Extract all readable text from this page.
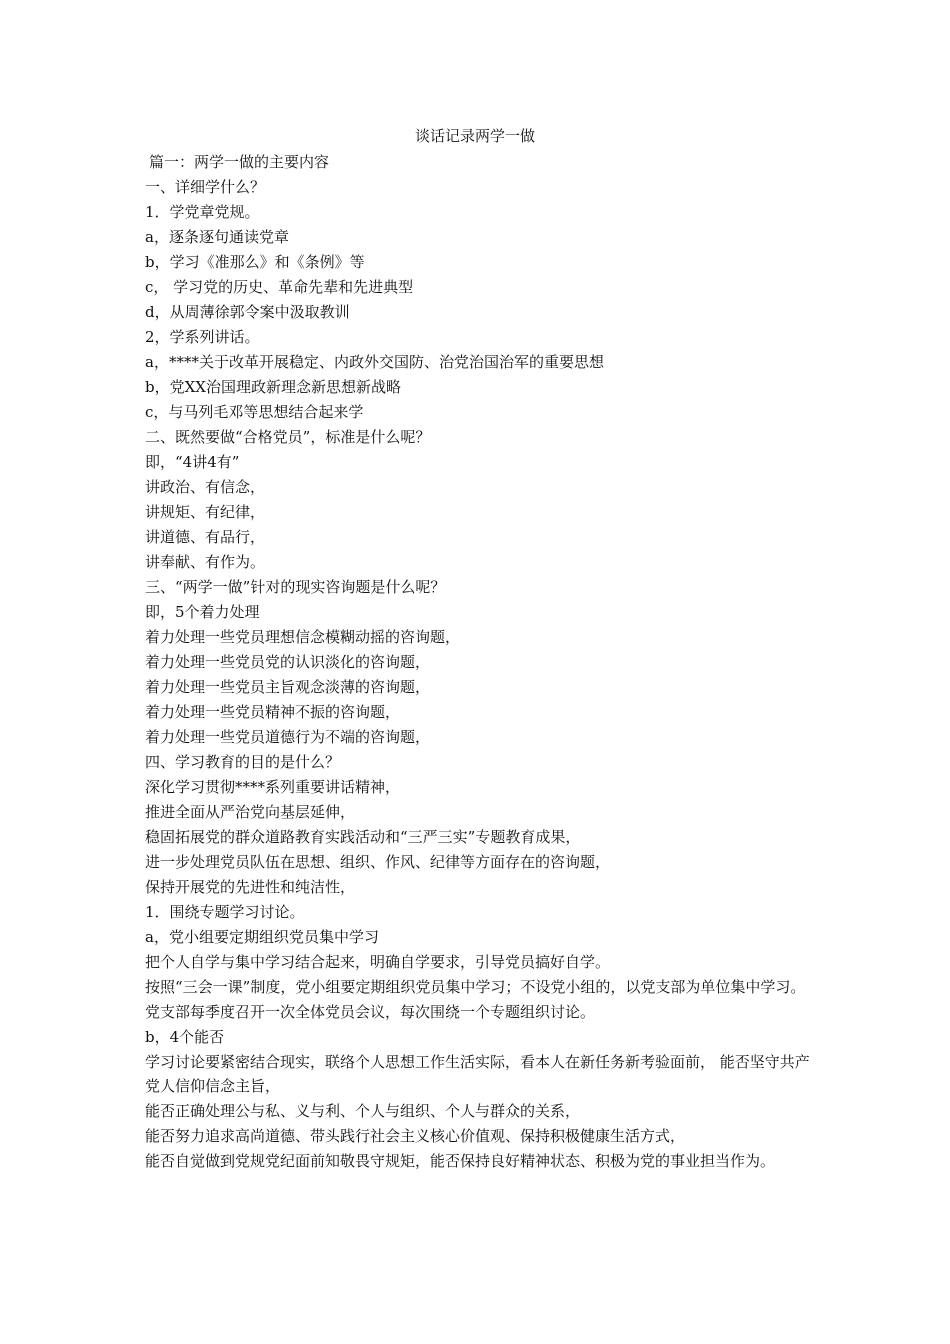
谈话记录两学一做
篇一：两学一做的主要内容
一、详细学什么？
1．学党章党规。
a，逐条逐句通读党章
b，学习《准那么》和《条例》等
c， 学习党的历史、革命先辈和先进典型
d，从周薄徐郭令案中汲取教训
2，学系列讲话。
a，****关于改革开展稳定、内政外交国防、治党治国治军的重要思想
b，党XX治国理政新理念新思想新战略
c，与马列毛邓等思想结合起来学
二、既然要做“合格党员”，标准是什么呢？
即，“4讲4有”
讲政治、有信念，
讲规矩、有纪律，
讲道德、有品行，
讲奉献、有作为。
三、“两学一做”针对的现实咨询题是什么呢？
即，5个着力处理
着力处理一些党员理想信念模糊动摇的咨询题，
着力处理一些党员党的认识淡化的咨询题，
着力处理一些党员主旨观念淡薄的咨询题，
着力处理一些党员精神不振的咨询题，
着力处理一些党员道德行为不端的咨询题，
四、学习教育的目的是什么？
深化学习贯彻****系列重要讲话精神，
推进全面从严治党向基层延伸，
稳固拓展党的群众道路教育实践活动和“三严三实”专题教育成果，
进一步处理党员队伍在思想、组织、作风、纪律等方面存在的咨询题，
保持开展党的先进性和纯洁性，
1．围绕专题学习讨论。
a，党小组要定期组织党员集中学习
把个人自学与集中学习结合起来，明确自学要求，引导党员搞好自学。
按照“三会一课”制度，党小组要定期组织党员集中学习；不设党小组的，以党支部为单位集中学习。
党支部每季度召开一次全体党员会议，每次围绕一个专题组织讨论。
b，4个能否
学习讨论要紧密结合现实，联络个人思想工作生活实际，看本人在新任务新考验面前， 能否坚守共产党人信仰信念主旨，
能否正确处理公与私、义与利、个人与组织、个人与群众的关系，
能否努力追求高尚道德、带头践行社会主义核心价值观、保持积极健康生活方式，
能否自觉做到党规党纪面前知敬畏守规矩，能否保持良好精神状态、积极为党的事业担当作为。
